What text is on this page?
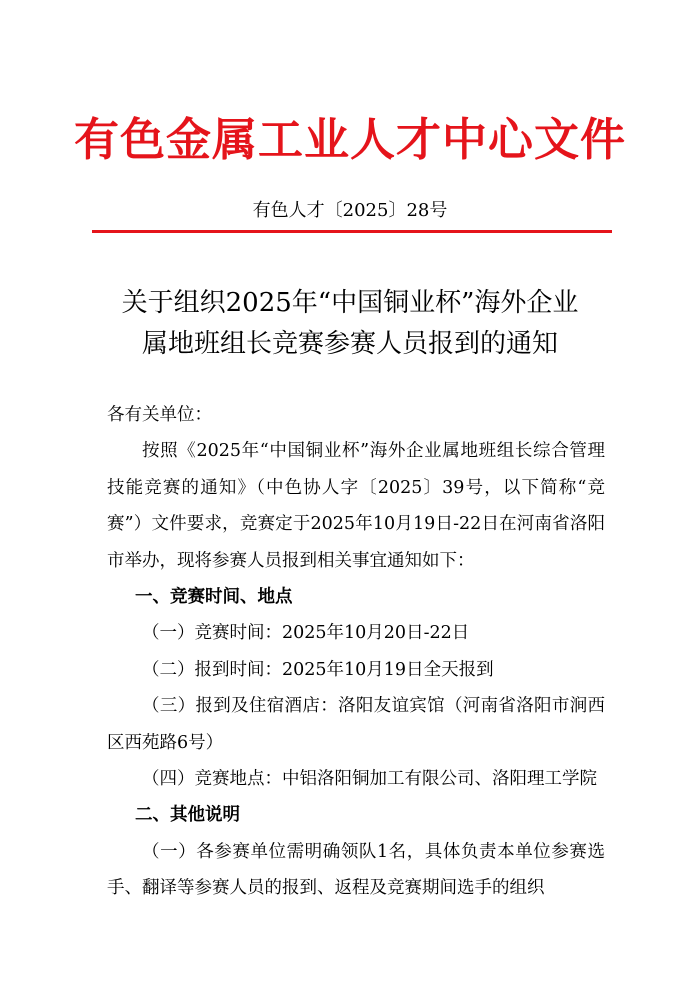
有色金属工业人才中心文件
有色人才〔2025〕28号
关于组织2025年“中国铜业杯”海外企业
属地班组长竞赛参赛人员报到的通知

各有关单位：

按照《2025年“中国铜业杯”海外企业属地班组长综合管理技能竞赛的通知》（中色协人字〔2025〕39号，以下简称“竞赛”）文件要求，竞赛定于2025年10月19日-22日在河南省洛阳市举办，现将参赛人员报到相关事宜通知如下：

一、竞赛时间、地点

（一）竞赛时间：2025年10月20日-22日

（二）报到时间：2025年10月19日全天报到

（三）报到及住宿酒店：洛阳友谊宾馆（河南省洛阳市涧西区西苑路6号）

（四）竞赛地点：中铝洛阳铜加工有限公司、洛阳理工学院

二、其他说明

（一）各参赛单位需明确领队1名，具体负责本单位参赛选手、翻译等参赛人员的报到、返程及竞赛期间选手的组织
